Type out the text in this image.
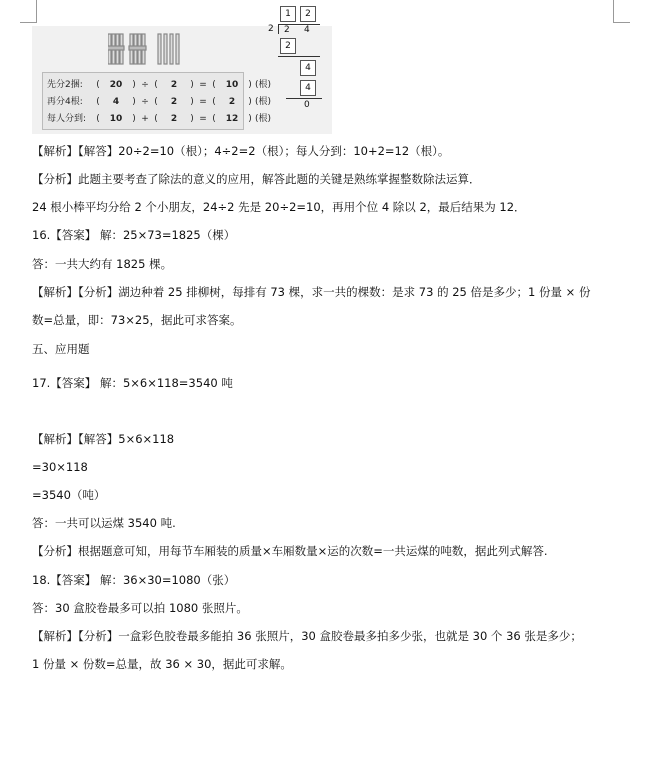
先分2捆: ( 20 ) ÷ ( 2 ) = ( 10 ) (根)
再分4根: ( 4 ) ÷ ( 2 ) = ( 2 ) (根)
每人分到: ( 10 ) + ( 2 ) = ( 12 ) (根)
1	2
2 2 4
2
4
4
0
【解析】【解答】20÷2=10（根）；4÷2=2（根）；每人分到：10+2=12（根）。
【分析】此题主要考查了除法的意义的应用，解答此题的关键是熟练掌握整数除法运算．
24 根小棒平均分给 2 个小朋友，24÷2 先是 20÷2=10，再用个位 4 除以 2，最后结果为 12．
16.【答案】 解：25×73=1825（棵）
答：一共大约有 1825 棵。
【解析】【分析】湖边种着 25 排柳树，每排有 73 棵，求一共的棵数：是求 73 的 25 倍是多少；1 份量 × 份
数=总量，即：73×25，据此可求答案。
五、应用题
17.【答案】 解：5×6×118=3540 吨
【解析】【解答】5×6×118
=30×118
=3540（吨）
答：一共可以运煤 3540 吨.
【分析】根据题意可知，用每节车厢装的质量×车厢数量×运的次数=一共运煤的吨数，据此列式解答.
18.【答案】 解：36×30=1080（张）
答：30 盒胶卷最多可以拍 1080 张照片。
【解析】【分析】一盒彩色胶卷最多能拍 36 张照片，30 盒胶卷最多拍多少张，也就是 30 个 36 张是多少；
1 份量 × 份数=总量，故 36 × 30，据此可求解。
